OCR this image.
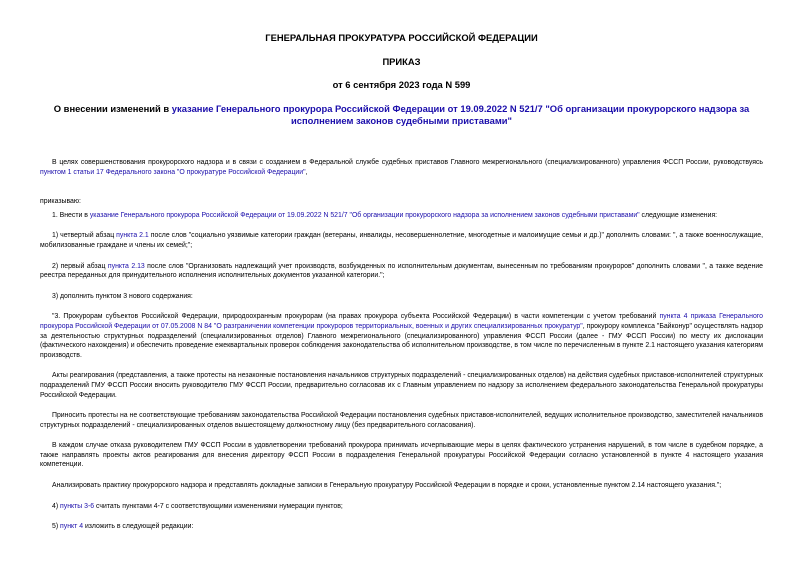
ГЕНЕРАЛЬНАЯ ПРОКУРАТУРА РОССИЙСКОЙ ФЕДЕРАЦИИ

ПРИКАЗ

от 6 сентября 2023 года N 599

О внесении изменений в указание Генерального прокурора Российской Федерации от 19.09.2022 N 521/7 "Об организации прокурорского надзора за исполнением законов судебными приставами"

В целях совершенствования прокурорского надзора и в связи с созданием в Федеральной службе судебных приставов Главного межрегионального (специализированного) управления ФССП России, руководствуясь пунктом 1 статьи 17 Федерального закона "О прокуратуре Российской Федерации",

приказываю:

1. Внести в указание Генерального прокурора Российской Федерации от 19.09.2022 N 521/7 "Об организации прокурорского надзора за исполнением законов судебными приставами" следующие изменения:

1) четвертый абзац пункта 2.1 после слов "социально уязвимые категории граждан (ветераны, инвалиды, несовершеннолетние, многодетные и малоимущие семьи и др.)" дополнить словами: ", а также военнослужащие, мобилизованные граждане и члены их семей;";

2) первый абзац пункта 2.13 после слов "Организовать надлежащий учет производств, возбужденных по исполнительным документам, вынесенным по требованиям прокуроров" дополнить словами ", а также ведение реестра переданных для принудительного исполнения исполнительных документов указанной категории.";

3) дополнить пунктом 3 нового содержания:

"3. Прокурорам субъектов Российской Федерации, природоохранным прокурорам (на правах прокурора субъекта Российской Федерации) в части компетенции с учетом требований пункта 4 приказа Генерального прокурора Российской Федерации от 07.05.2008 N 84 "О разграничении компетенции прокуроров территориальных, военных и других специализированных прокуратур", прокурору комплекса "Байконур" осуществлять надзор за деятельностью структурных подразделений (специализированных отделов) Главного межрегионального (специализированного) управления ФССП России (далее - ГМУ ФССП России) по месту их дислокации (фактического нахождения) и обеспечить проведение ежеквартальных проверок соблюдения законодательства об исполнительном производстве, в том числе по перечисленным в пункте 2.1 настоящего указания категориям производств.

Акты реагирования (представления, а также протесты на незаконные постановления начальников структурных подразделений - специализированных отделов) на действия судебных приставов-исполнителей структурных подразделений ГМУ ФССП России вносить руководителю ГМУ ФССП России, предварительно согласовав их с Главным управлением по надзору за исполнением федерального законодательства Генеральной прокуратуры Российской Федерации.

Приносить протесты на не соответствующие требованиям законодательства Российской Федерации постановления судебных приставов-исполнителей, ведущих исполнительное производство, заместителей начальников структурных подразделений - специализированных отделов вышестоящему должностному лицу (без предварительного согласования).

В каждом случае отказа руководителем ГМУ ФССП России в удовлетворении требований прокурора принимать исчерпывающие меры в целях фактического устранения нарушений, в том числе в судебном порядке, а также направлять проекты актов реагирования для внесения директору ФССП России в подразделения Генеральной прокуратуры Российской Федерации согласно установленной в пункте 4 настоящего указания компетенции.

Анализировать практику прокурорского надзора и представлять докладные записки в Генеральную прокуратуру Российской Федерации в порядке и сроки, установленные пунктом 2.14 настоящего указания.";

4) пункты 3-6 считать пунктами 4-7 с соответствующими изменениями нумерации пунктов;

5) пункт 4 изложить в следующей редакции:
